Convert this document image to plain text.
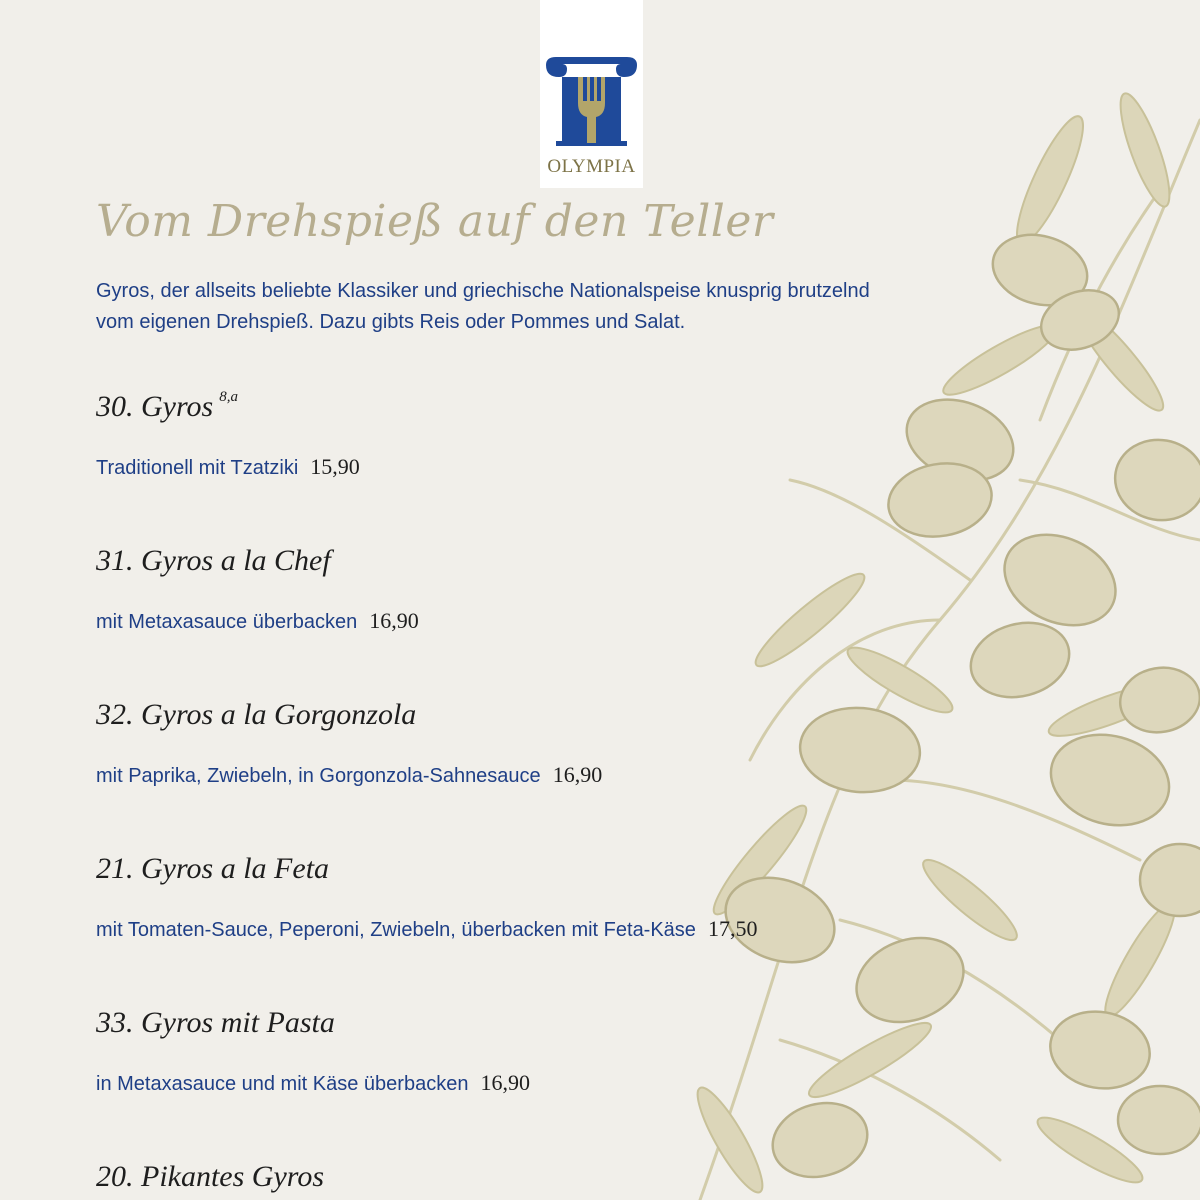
OLYMPIA
Vom Drehspieß auf den Teller
Gyros, der allseits beliebte Klassiker und griechische Nationalspeise knusprig brutzelnd
vom eigenen Drehspieß. Dazu gibts Reis oder Pommes und Salat.
30. Gyros $^{8,a}$
Traditionell mit Tzatziki 15,90
31. Gyros a la Chef
mit Metaxasauce überbacken 16,90
32. Gyros a la Gorgonzola
mit Paprika, Zwiebeln, in Gorgonzola-Sahnesauce 16,90
21. Gyros a la Feta
mit Tomaten-Sauce, Peperoni, Zwiebeln, überbacken mit Feta-Käse 17,50
33. Gyros mit Pasta
in Metaxasauce und mit Käse überbacken 16,90
20. Pikantes Gyros
